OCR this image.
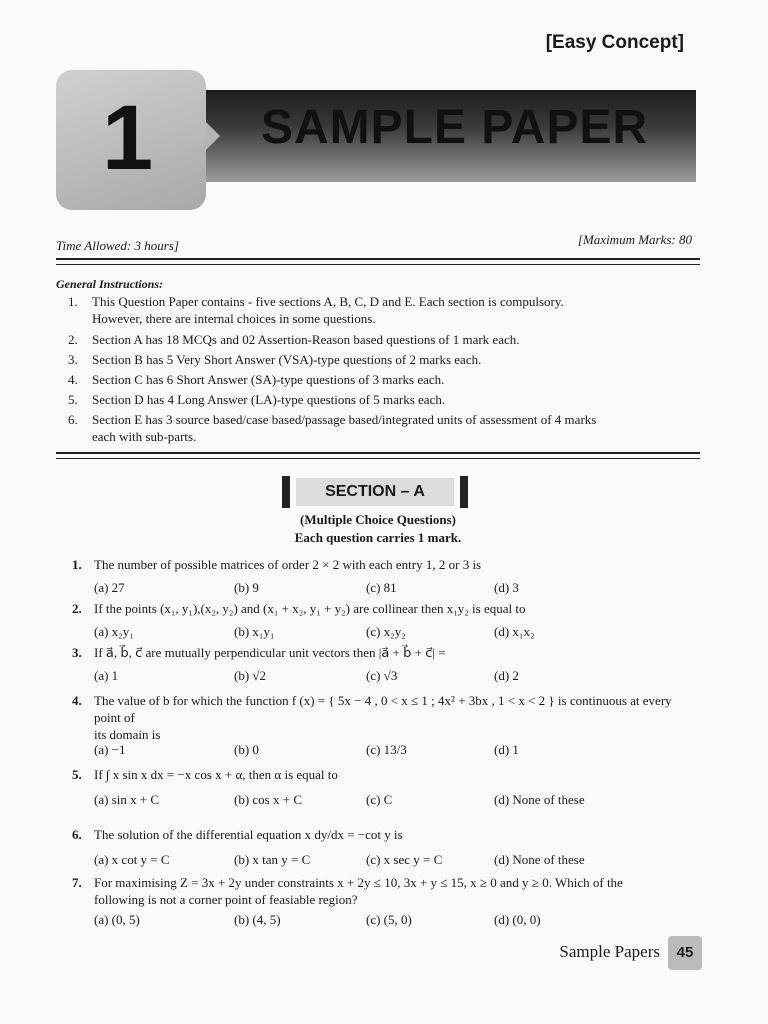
[Easy Concept]
1 SAMPLE PAPER
Time Allowed: 3 hours]	[Maximum Marks: 80
General Instructions:
1. This Question Paper contains - five sections A, B, C, D and E. Each section is compulsory.
However, there are internal choices in some questions.
2. Section A has 18 MCQs and 02 Assertion-Reason based questions of 1 mark each.
3. Section B has 5 Very Short Answer (VSA)-type questions of 2 marks each.
4. Section C has 6 Short Answer (SA)-type questions of 3 marks each.
5. Section D has 4 Long Answer (LA)-type questions of 5 marks each.
6. Section E has 3 source based/case based/passage based/integrated units of assessment of 4 marks
each with sub-parts.
SECTION – A
(Multiple Choice Questions)
Each question carries 1 mark.
1. The number of possible matrices of order 2 × 2 with each entry 1, 2 or 3 is
(a) 27	(b) 9	(c) 81	(d) 3
2. If the points (x₁, y₁),(x₂, y₂) and (x₁ + x₂, y₁ + y₂) are collinear then x₁y₂ is equal to
(a) x₂y₁	(b) x₁y₁	(c) x₂y₂	(d) x₁x₂
3. If a⃗, b⃗, c⃗ are mutually perpendicular unit vectors then |a⃗ + b⃗ + c⃗| =
(a) 1	(b) √2	(c) √3	(d) 2
4. The value of b for which the function f (x) = { 5x − 4 , 0 < x ≤ 1 ; 4x² + 3bx , 1 < x < 2 } is continuous at every point of
its domain is
(a) −1	(b) 0	(c) 13/3	(d) 1
5. If ∫ x sin x dx = −x cos x + α, then α is equal to
(a) sin x + C	(b) cos x + C	(c) C	(d) None of these
6. The solution of the differential equation x dy/dx = −cot y is
(a) x cot y = C	(b) x tan y = C	(c) x sec y = C	(d) None of these
7. For maximising Z = 3x + 2y under constraints x + 2y ≤ 10, 3x + y ≤ 15, x ≥ 0 and y ≥ 0. Which of the
following is not a corner point of feasiable region?
(a) (0, 5)	(b) (4, 5)	(c) (5, 0)	(d) (0, 0)
Sample Papers	45
